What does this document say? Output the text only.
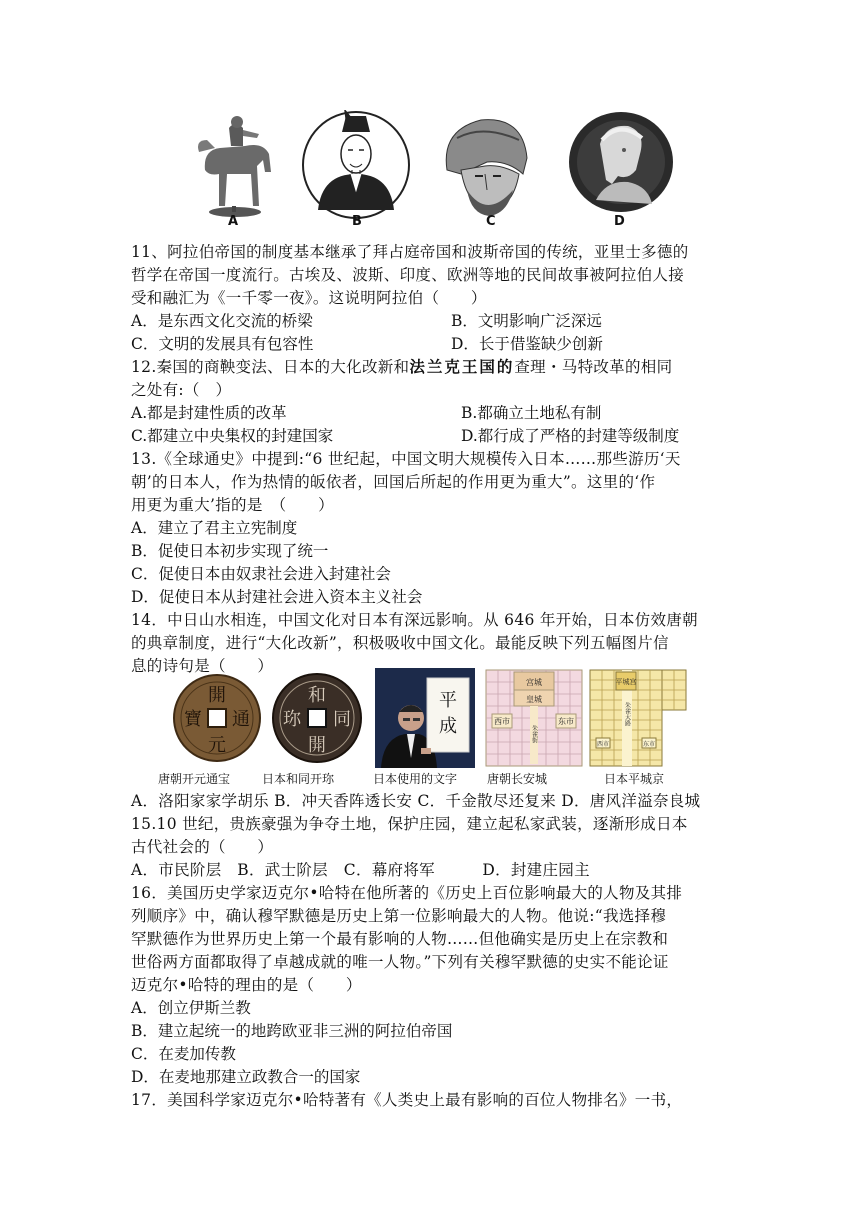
A	B	C	D
11、阿拉伯帝国的制度基本继承了拜占庭帝国和波斯帝国的传统，亚里士多德的
哲学在帝国一度流行。古埃及、波斯、印度、欧洲等地的民间故事被阿拉伯人接
受和融汇为《一千零一夜》。这说明阿拉伯（　　）
A．是东西文化交流的桥梁	B．文明影响广泛深远
C．文明的发展具有包容性	D．长于借鉴缺少创新
12.秦国的商鞅变法、日本的大化改新和法兰克王国的查理・马特改革的相同
之处有:（　）
A.都是封建性质的改革	B.都确立土地私有制
C.都建立中央集权的封建国家	D.都行成了严格的封建等级制度
13.《全球通史》中提到:“6 世纪起，中国文明大规模传入日本……那些游历‘天
朝’的日本人，作为热情的皈依者，回国后所起的作用更为重大”。这里的‘作
用更为重大’指的是　（　　）
A．建立了君主立宪制度
B．促使日本初步实现了统一
C．促使日本由奴隶社会进入封建社会
D．促使日本从封建社会进入资本主义社会
14．中日山水相连，中国文化对日本有深远影响。从 646 年开始，日本仿效唐朝
的典章制度，进行“大化改新”，积极吸收中国文化。最能反映下列五幅图片信
息的诗句是（　　）
開
通
元
寶
和
同
開
珎
平
成
宫城
皇城
朱雀街
西市	东市
平城宫
朱雀大路
西市	东市
唐朝开元通宝	日本和同开珎	日本使用的文字 唐朝长安城	日本平城京
A．洛阳家家学胡乐 B．冲天香阵透长安 C．千金散尽还复来 D．唐风洋溢奈良城
15.10 世纪，贵族豪强为争夺土地，保护庄园，建立起私家武装，逐渐形成日本
古代社会的（　　）
A．市民阶层　B．武士阶层　C．幕府将军　　　D．封建庄园主
16．美国历史学家迈克尔•哈特在他所著的《历史上百位影响最大的人物及其排
列顺序》中，确认穆罕默德是历史上第一位影响最大的人物。他说:“我选择穆
罕默德作为世界历史上第一个最有影响的人物……但他确实是历史上在宗教和
世俗两方面都取得了卓越成就的唯一人物。”下列有关穆罕默德的史实不能论证
迈克尔•哈特的理由的是（　　）
A．创立伊斯兰教
B．建立起统一的地跨欧亚非三洲的阿拉伯帝国
C．在麦加传教
D．在麦地那建立政教合一的国家
17．美国科学家迈克尔•哈特著有《人类史上最有影响的百位人物排名》一书，
